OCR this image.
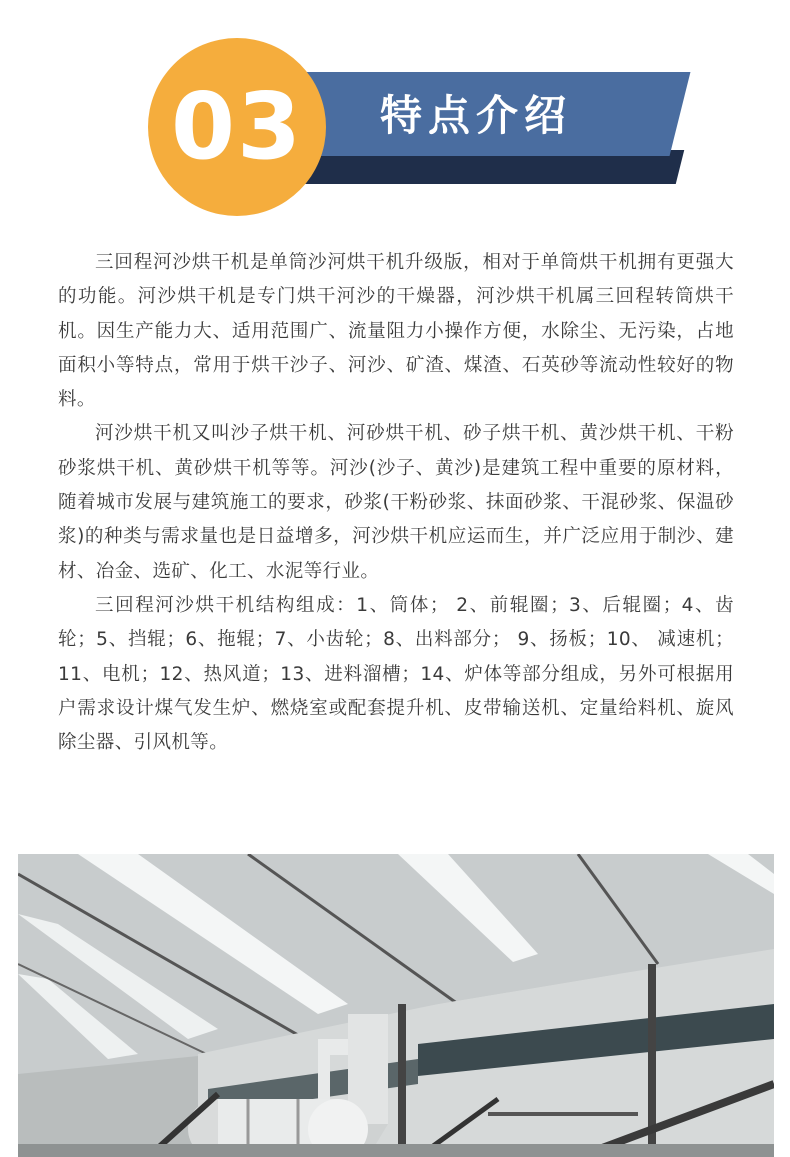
特点介绍
03

三回程河沙烘干机是单筒沙河烘干机升级版，相对于单筒烘干机拥有更强大的功能。河沙烘干机是专门烘干河沙的干燥器，河沙烘干机属三回程转筒烘干机。因生产能力大、适用范围广、流量阻力小操作方便，水除尘、无污染，占地面积小等特点，常用于烘干沙子、河沙、矿渣、煤渣、石英砂等流动性较好的物料。

河沙烘干机又叫沙子烘干机、河砂烘干机、砂子烘干机、黄沙烘干机、干粉砂浆烘干机、黄砂烘干机等等。河沙(沙子、黄沙)是建筑工程中重要的原材料，随着城市发展与建筑施工的要求，砂浆(干粉砂浆、抹面砂浆、干混砂浆、保温砂浆)的种类与需求量也是日益增多，河沙烘干机应运而生，并广泛应用于制沙、建材、冶金、选矿、化工、水泥等行业。

三回程河沙烘干机结构组成：1、筒体； 2、前辊圈；3、后辊圈；4、齿轮；5、挡辊；6、拖辊；7、小齿轮；8、出料部分； 9、扬板；10、 减速机；11、电机；12、热风道；13、进料溜槽；14、炉体等部分组成，另外可根据用户需求设计煤气发生炉、燃烧室或配套提升机、皮带输送机、定量给料机、旋风除尘器、引风机等。
